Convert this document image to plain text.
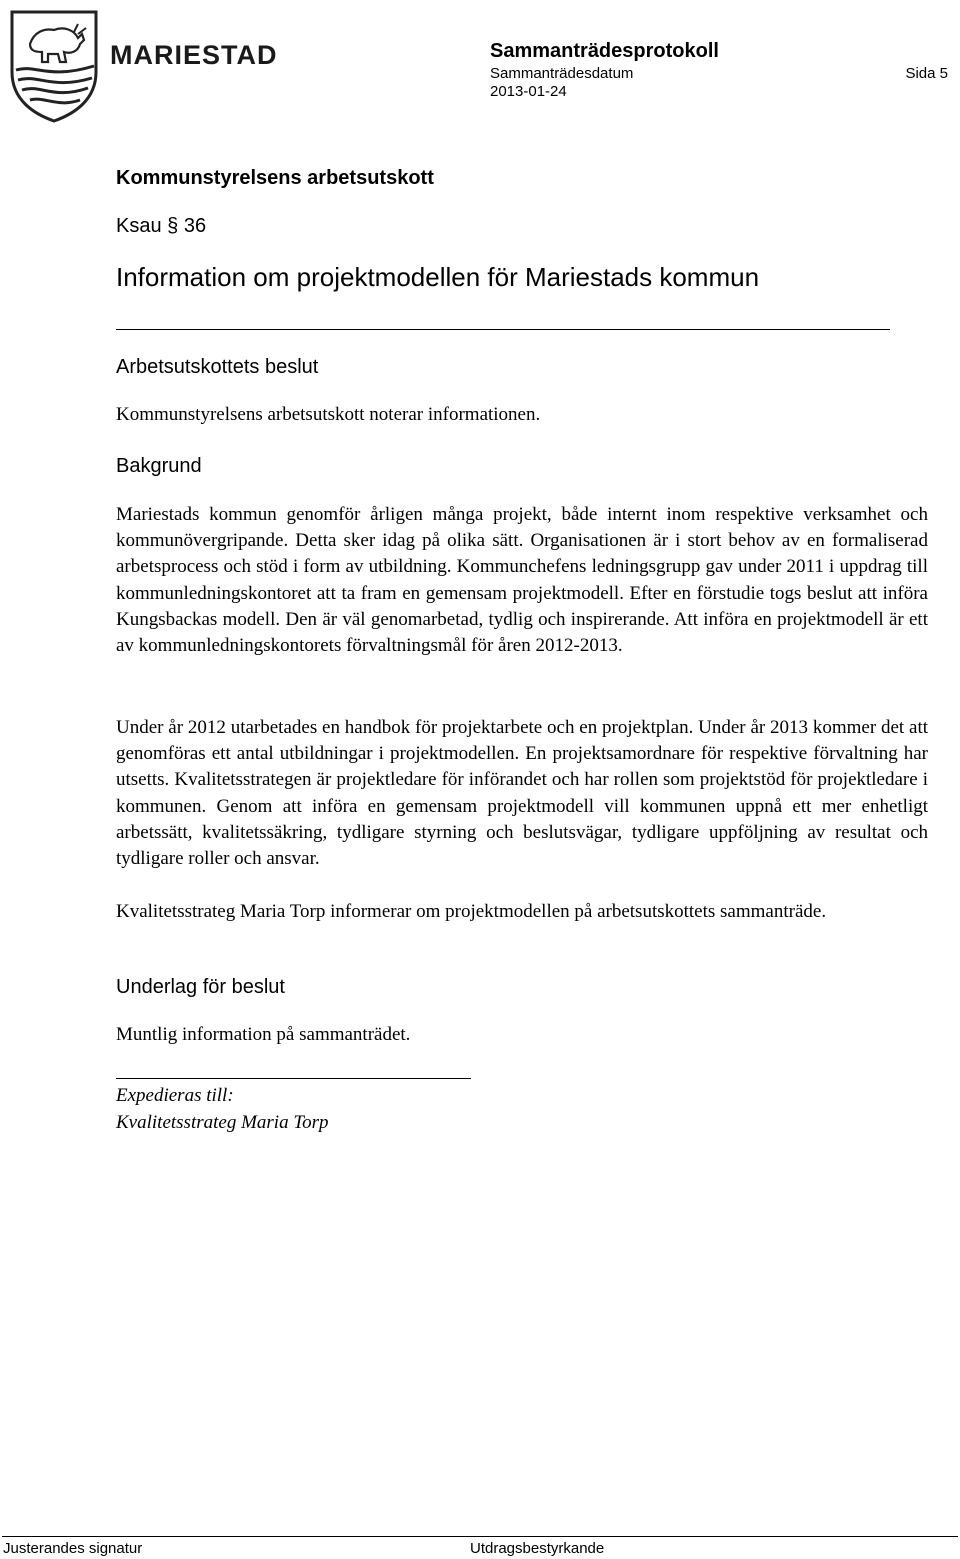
MARIESTAD	Sammanträdesprotokoll
Sammanträdesdatum
2013-01-24
Sida 5
Kommunstyrelsens arbetsutskott
Ksau § 36
Information om projektmodellen för Mariestads kommun
Arbetsutskottets beslut
Kommunstyrelsens arbetsutskott noterar informationen.
Bakgrund
Mariestads kommun genomför årligen många projekt, både internt inom respektive verksamhet och kommunövergripande. Detta sker idag på olika sätt. Organisationen är i stort behov av en formaliserad arbetsprocess och stöd i form av utbildning. Kommunchefens ledningsgrupp gav under 2011 i uppdrag till kommunledningskontoret att ta fram en gemensam projektmodell. Efter en förstudie togs beslut att införa Kungsbackas modell. Den är väl genomarbetad, tydlig och inspirerande. Att införa en projektmodell är ett av kommunledningskontorets förvaltningsmål för åren 2012-2013.
Under år 2012 utarbetades en handbok för projektarbete och en projektplan. Under år 2013 kommer det att genomföras ett antal utbildningar i projektmodellen. En projektsamordnare för respektive förvaltning har utsetts. Kvalitetsstrategen är projektledare för införandet och har rollen som projektstöd för projektledare i kommunen. Genom att införa en gemensam projektmodell vill kommunen uppnå ett mer enhetligt arbetssätt, kvalitetssäkring, tydligare styrning och beslutsvägar, tydligare uppföljning av resultat och tydligare roller och ansvar.
Kvalitetsstrateg Maria Torp informerar om projektmodellen på arbetsutskottets sammanträde.
Underlag för beslut
Muntlig information på sammanträdet.
Expedieras till:
Kvalitetsstrateg Maria Torp
Justerandes signatur	Utdragsbestyrkande
